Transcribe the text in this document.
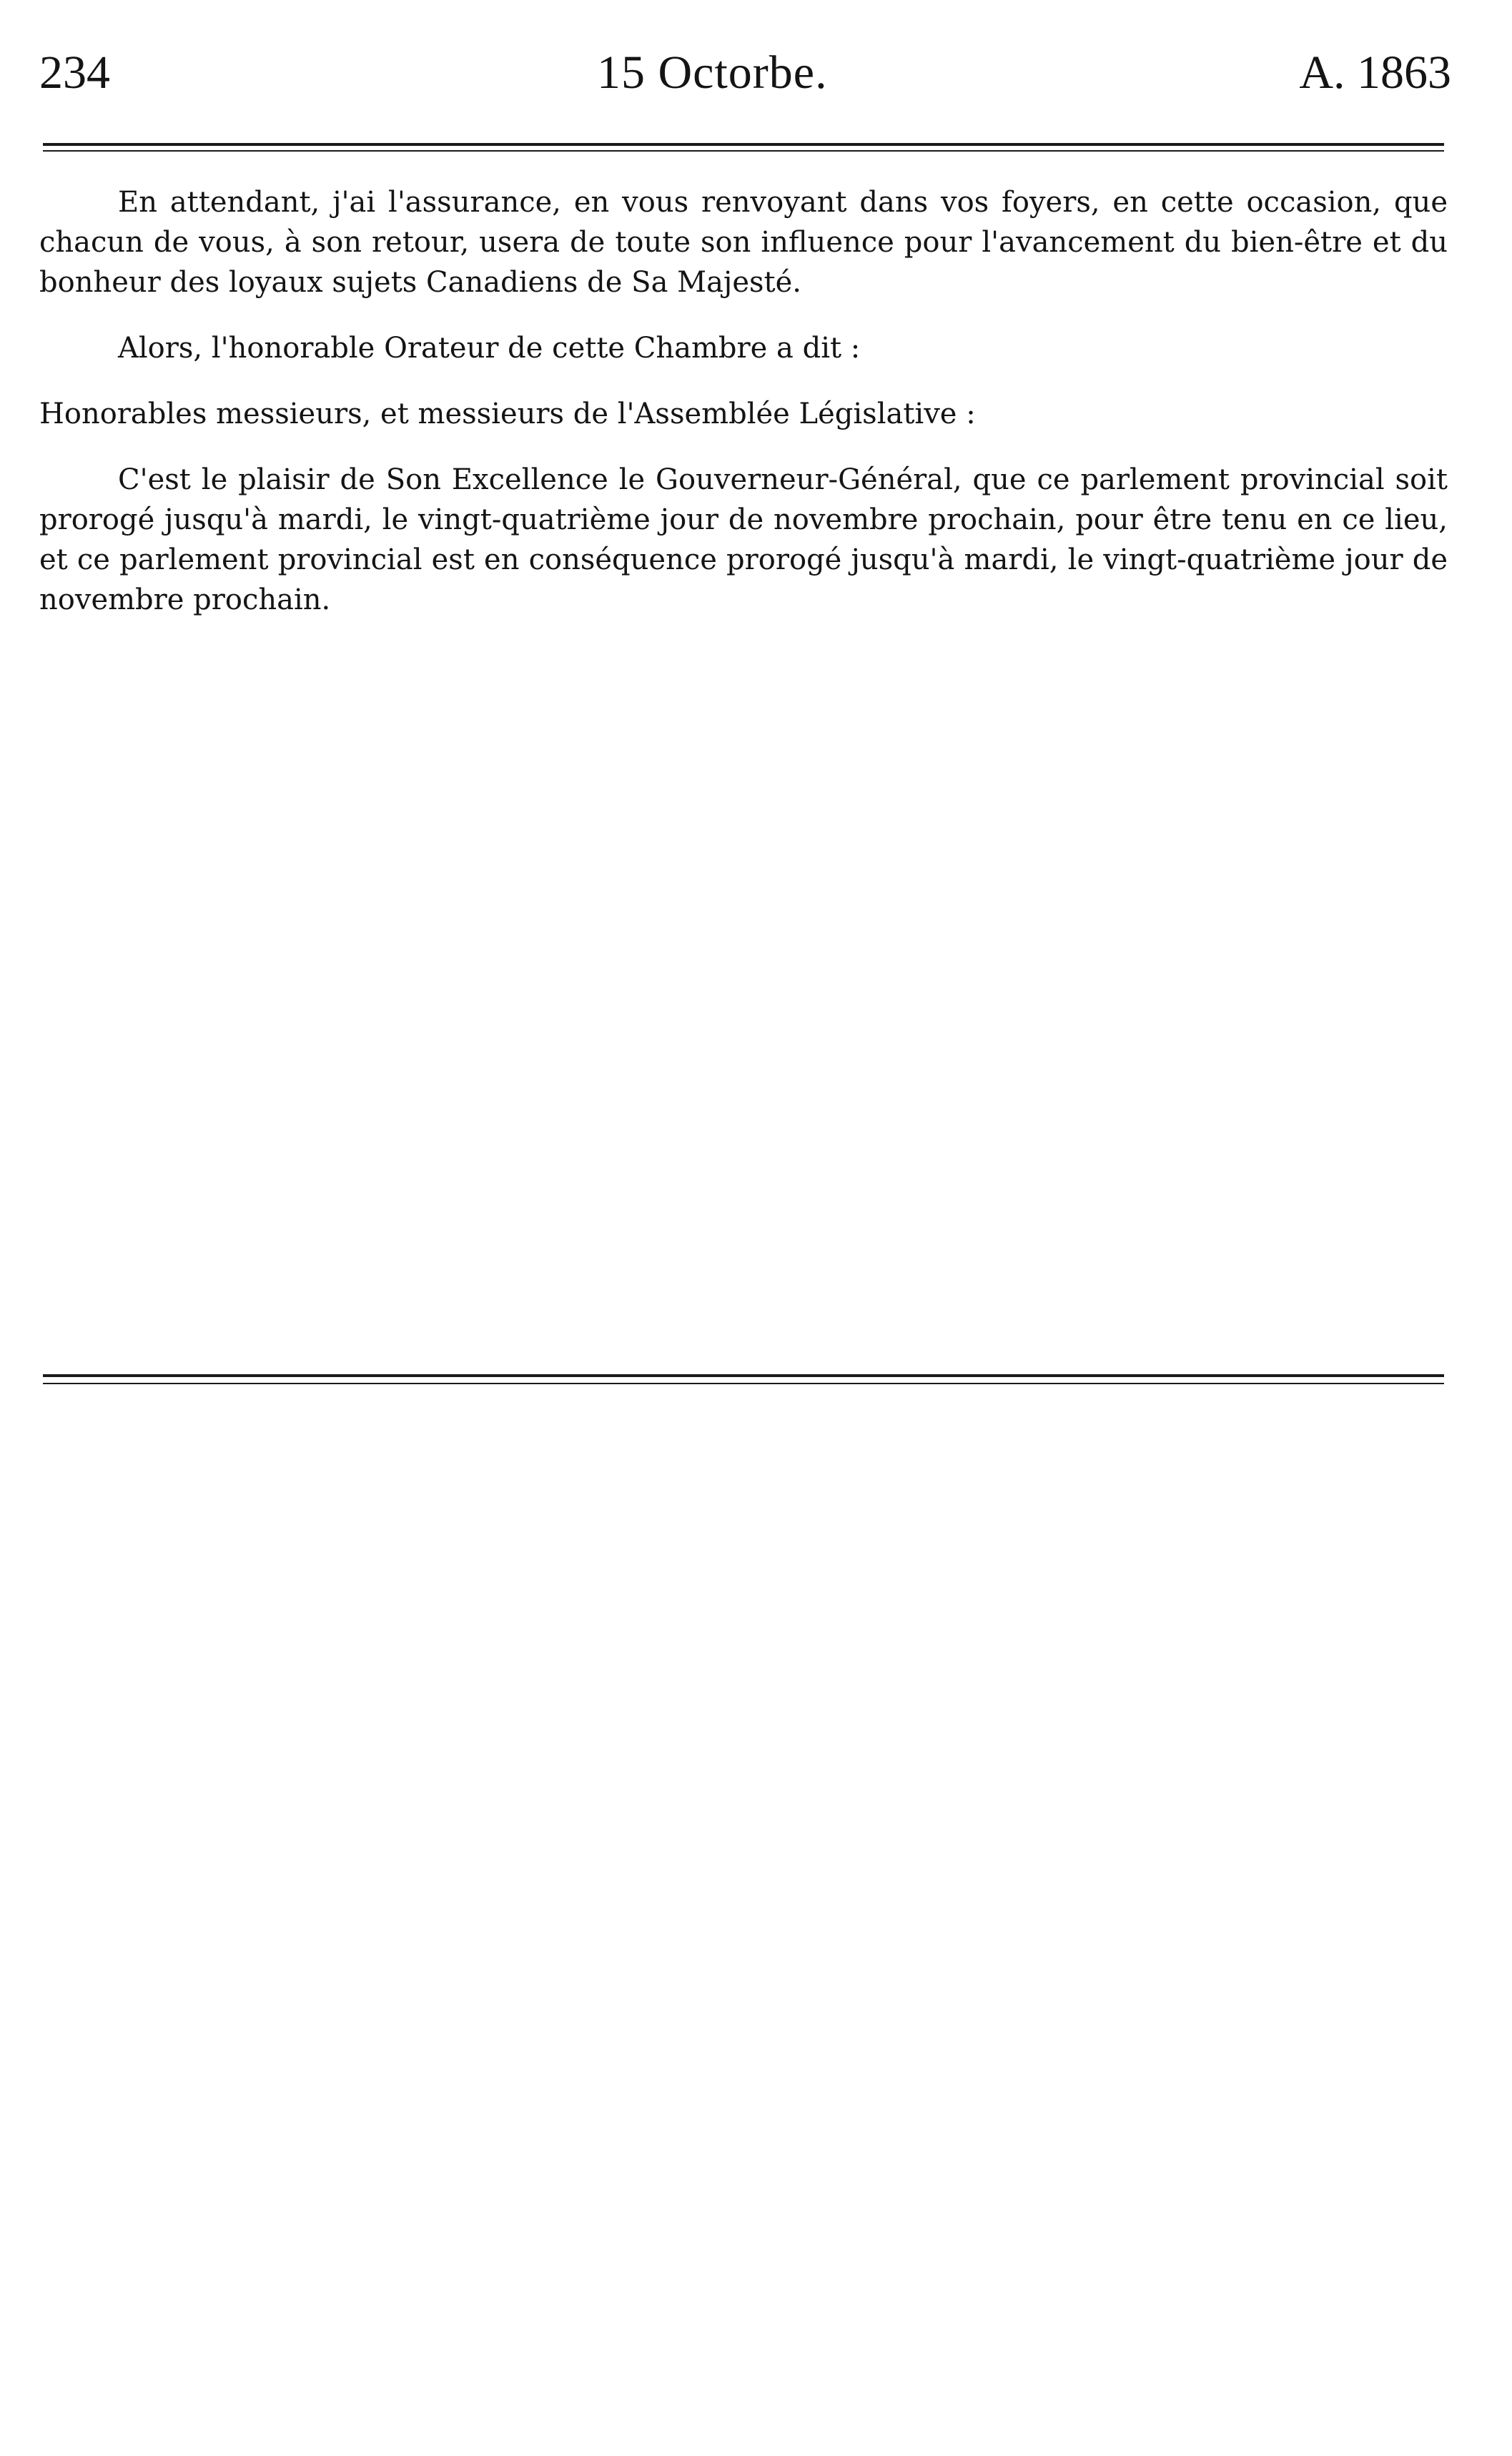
234	15 Octorbe.	A. 1863

En attendant, j'ai l'assurance, en vous renvoyant dans vos foyers, en cette occasion, que chacun de vous, à son retour, usera de toute son influence pour l'avancement du bien-être et du bonheur des loyaux sujets Canadiens de Sa Majesté.

Alors, l'honorable Orateur de cette Chambre a dit :

Honorables messieurs, et messieurs de l'Assemblée Législative :

C'est le plaisir de Son Excellence le Gouverneur-Général, que ce parlement provincial soit prorogé jusqu'à mardi, le vingt-quatrième jour de novembre prochain, pour être tenu en ce lieu, et ce parlement provincial est en conséquence prorogé jusqu'à mardi, le vingt-quatrième jour de novembre prochain.
